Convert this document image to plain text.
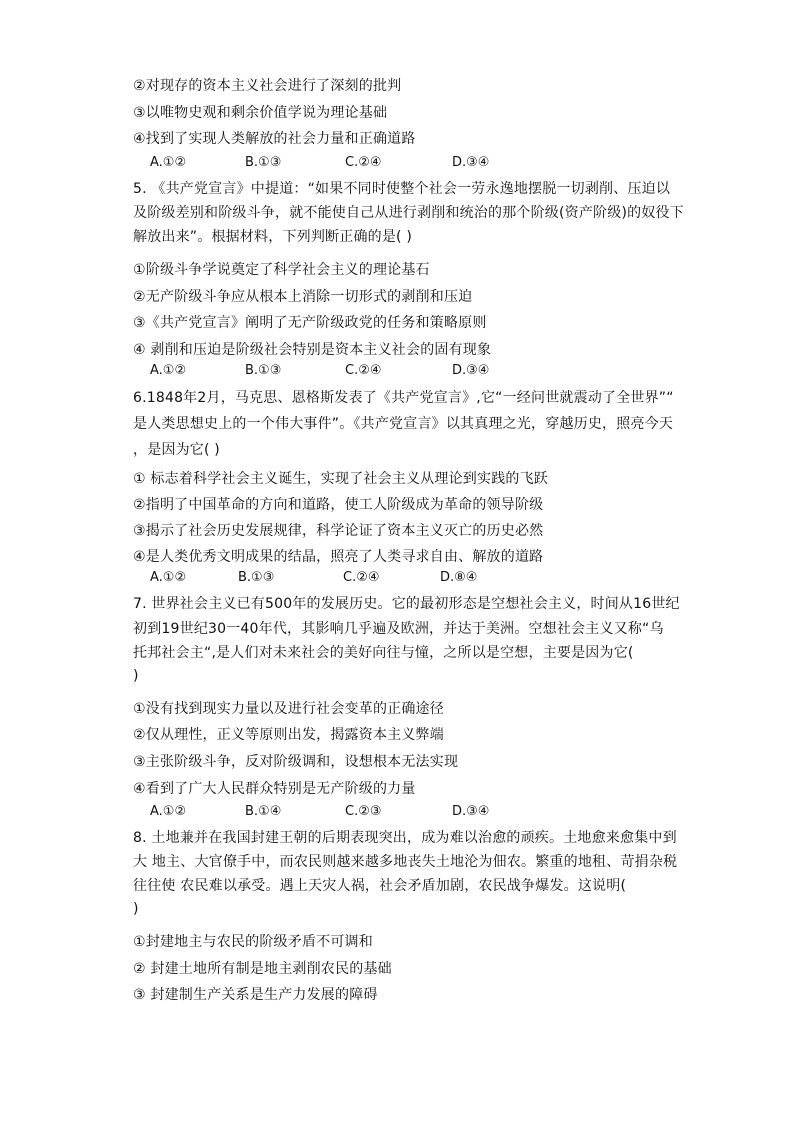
②对现存的资本主义社会进行了深刻的批判
③以唯物史观和剩余价值学说为理论基础
④找到了实现人类解放的社会力量和正确道路
A.①②	B.①③	C.②④	D.③④
5. 《共产党宣言》中提道：“如果不同时使整个社会一劳永逸地摆脱一切剥削、压迫以
及阶级差别和阶级斗争，就不能使自己从进行剥削和统治的那个阶级(资产阶级)的奴役下
解放出来”。根据材料，下列判断正确的是( )
①阶级斗争学说奠定了科学社会主义的理论基石
②无产阶级斗争应从根本上消除一切形式的剥削和压迫
③《共产党宣言》阐明了无产阶级政党的任务和策略原则
④ 剥削和压迫是阶级社会特别是资本主义社会的固有现象
A.①②	B.①③	C.②④	D.③④
6.1848年2月，马克思、恩格斯发表了《共产党宣言》,它“一经问世就震动了全世界”“
是人类思想史上的一个伟大事件”。《共产党宣言》以其真理之光，穿越历史，照亮今天
，是因为它( )
① 标志着科学社会主义诞生，实现了社会主义从理论到实践的飞跃
②指明了中国革命的方向和道路，使工人阶级成为革命的领导阶级
③揭示了社会历史发展规律，科学论证了资本主义灭亡的历史必然
④是人类优秀文明成果的结晶，照亮了人类寻求自由、解放的道路
A.①②	B.①③	C.②④	D.⑧④
7. 世界社会主义已有500年的发展历史。它的最初形态是空想社会主义，时间从16世纪
初到19世纪30一40年代，其影响几乎遍及欧洲，并达于美洲。空想社会主义又称“乌
托邦社会主“,是人们对未来社会的美好向往与憧，之所以是空想，主要是因为它(
)
①没有找到现实力量以及进行社会变革的正确途径
②仅从理性，正义等原则出发，揭露资本主义弊端
③主张阶级斗争，反对阶级调和，设想根本无法实现
④看到了广大人民群众特别是无产阶级的力量
A.①②	B.①④	C.②③	D.③④
8. 土地兼并在我国封建王朝的后期表现突出，成为难以治愈的顽疾。土地愈来愈集中到
大 地主、大官僚手中，而农民则越来越多地丧失土地沦为佃农。繁重的地租、苛捐杂税
往往使 农民难以承受。遇上天灾人祸，社会矛盾加剧，农民战争爆发。这说明(
)
①封建地主与农民的阶级矛盾不可调和
② 封建土地所有制是地主剥削农民的基础
③ 封建制生产关系是生产力发展的障碍
